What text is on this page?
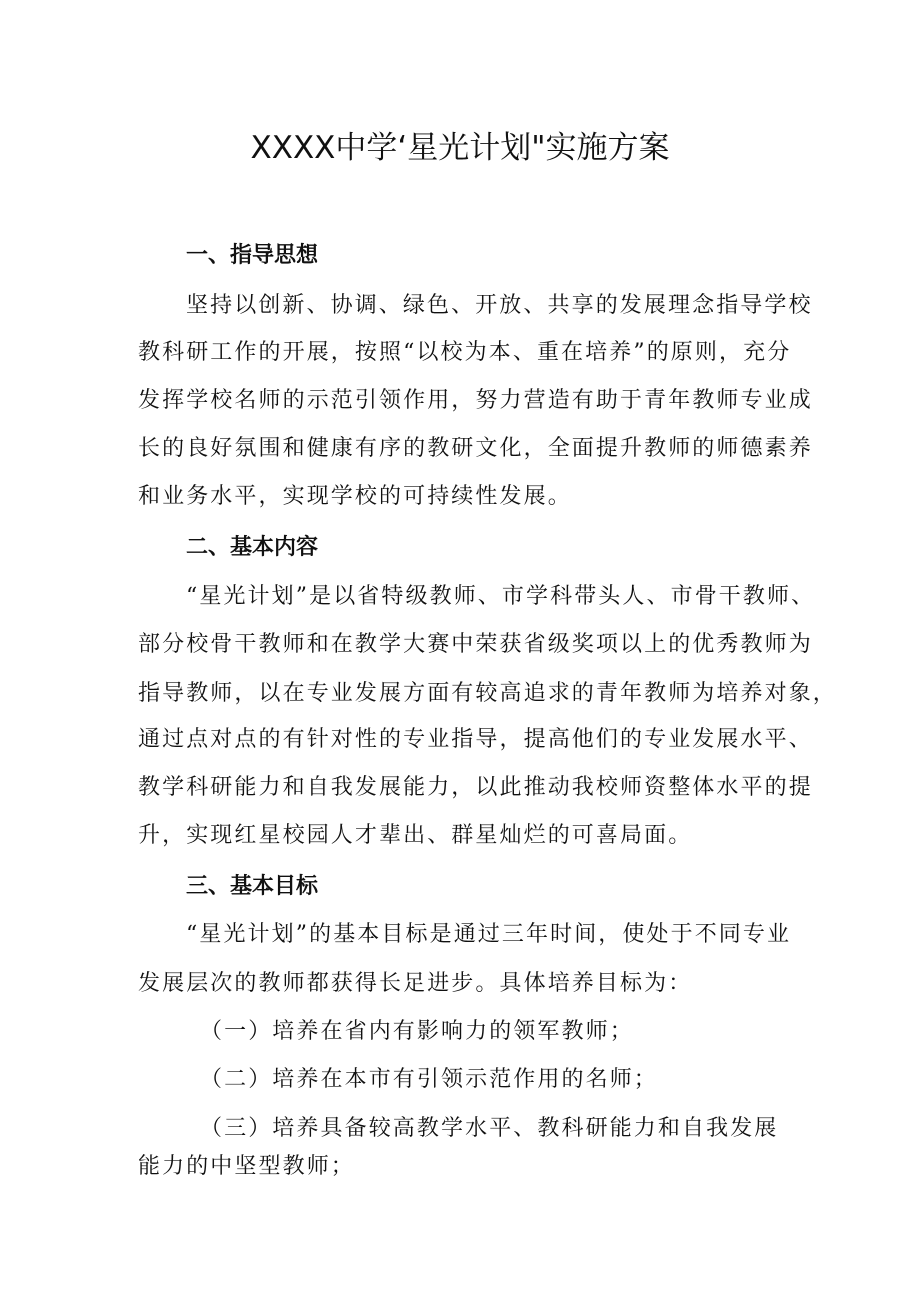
XXXX中学‘星光计划"实施方案
一、指导思想
坚持以创新、协调、绿色、开放、共享的发展理念指导学校
教科研工作的开展，按照“以校为本、重在培养”的原则，充分
发挥学校名师的示范引领作用，努力营造有助于青年教师专业成
长的良好氛围和健康有序的教研文化，全面提升教师的师德素养
和业务水平，实现学校的可持续性发展。
二、基本内容
“星光计划”是以省特级教师、市学科带头人、市骨干教师、
部分校骨干教师和在教学大赛中荣获省级奖项以上的优秀教师为
指导教师，以在专业发展方面有较高追求的青年教师为培养对象，
通过点对点的有针对性的专业指导，提高他们的专业发展水平、
教学科研能力和自我发展能力，以此推动我校师资整体水平的提
升，实现红星校园人才辈出、群星灿烂的可喜局面。
三、基本目标
“星光计划”的基本目标是通过三年时间，使处于不同专业
发展层次的教师都获得长足进步。具体培养目标为：
（一）培养在省内有影响力的领军教师；
（二）培养在本市有引领示范作用的名师；
（三）培养具备较高教学水平、教科研能力和自我发展
能力的中坚型教师；
